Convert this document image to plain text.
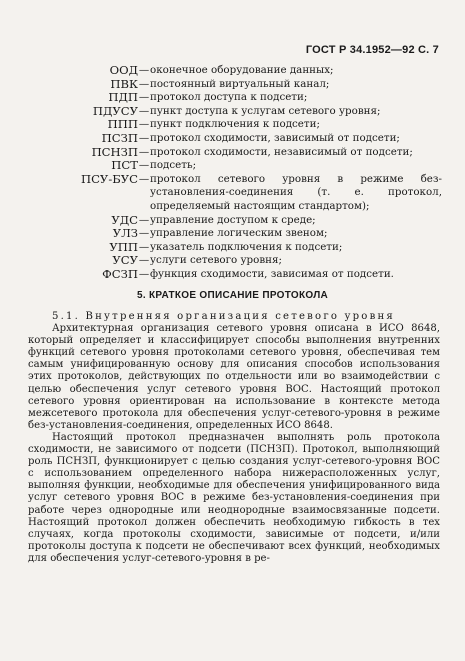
ГОСТ Р 34.1952—92 С. 7
ООД — оконечное оборудование данных;
ПВК — постоянный виртуальный канал;
ПДП — протокол доступа к подсети;
ПДУСУ — пункт доступа к услугам сетевого уровня;
ППП — пункт подключения к подсети;
ПСЗП — протокол сходимости, зависимый от подсети;
ПСНЗП — протокол сходимости, независимый от подсети;
ПСТ — подсеть;
ПСУ-БУС — протокол сетевого уровня в режиме без-установления-соединения (т. е. протокол, определяемый настоящим стандартом);
УДС — управление доступом к среде;
УЛЗ — управление логическим звеном;
УПП — указатель подключения к подсети;
УСУ — услуги сетевого уровня;
ФСЗП — функция сходимости, зависимая от подсети.
5. КРАТКОЕ ОПИСАНИЕ ПРОТОКОЛА

5.1. Внутренняя организация сетевого уровня

Архитектурная организация сетевого уровня описана в ИСО 8648, который определяет и классифицирует способы выполнения внутренних функций сетевого уровня протоколами сетевого уровня, обеспечивая тем самым унифицированную основу для описания способов использования этих протоколов, действующих по отдельности или во взаимодействии с целью обеспечения услуг сетевого уровня ВОС. Настоящий протокол сетевого уровня ориентирован на использование в контексте метода межсетевого протокола для обеспечения услуг-сетевого-уровня в режиме без-установления-соединения, определенных ИСО 8648.

Настоящий протокол предназначен выполнять роль протокола сходимости, не зависимого от подсети (ПСНЗП). Протокол, выполняющий роль ПСНЗП, функционирует с целью создания услуг-сетевого-уровня ВОС с использованием определенного набора нижерасположенных услуг, выполняя функции, необходимые для обеспечения унифицированного вида услуг сетевого уровня ВОС в режиме без-установления-соединения при работе через однородные или неоднородные взаимосвязанные подсети. Настоящий протокол должен обеспечить необходимую гибкость в тех случаях, когда протоколы сходимости, зависимые от подсети, и/или протоколы доступа к подсети не обеспечивают всех функций, необходимых для обеспечения услуг-сетевого-уровня в ре-
